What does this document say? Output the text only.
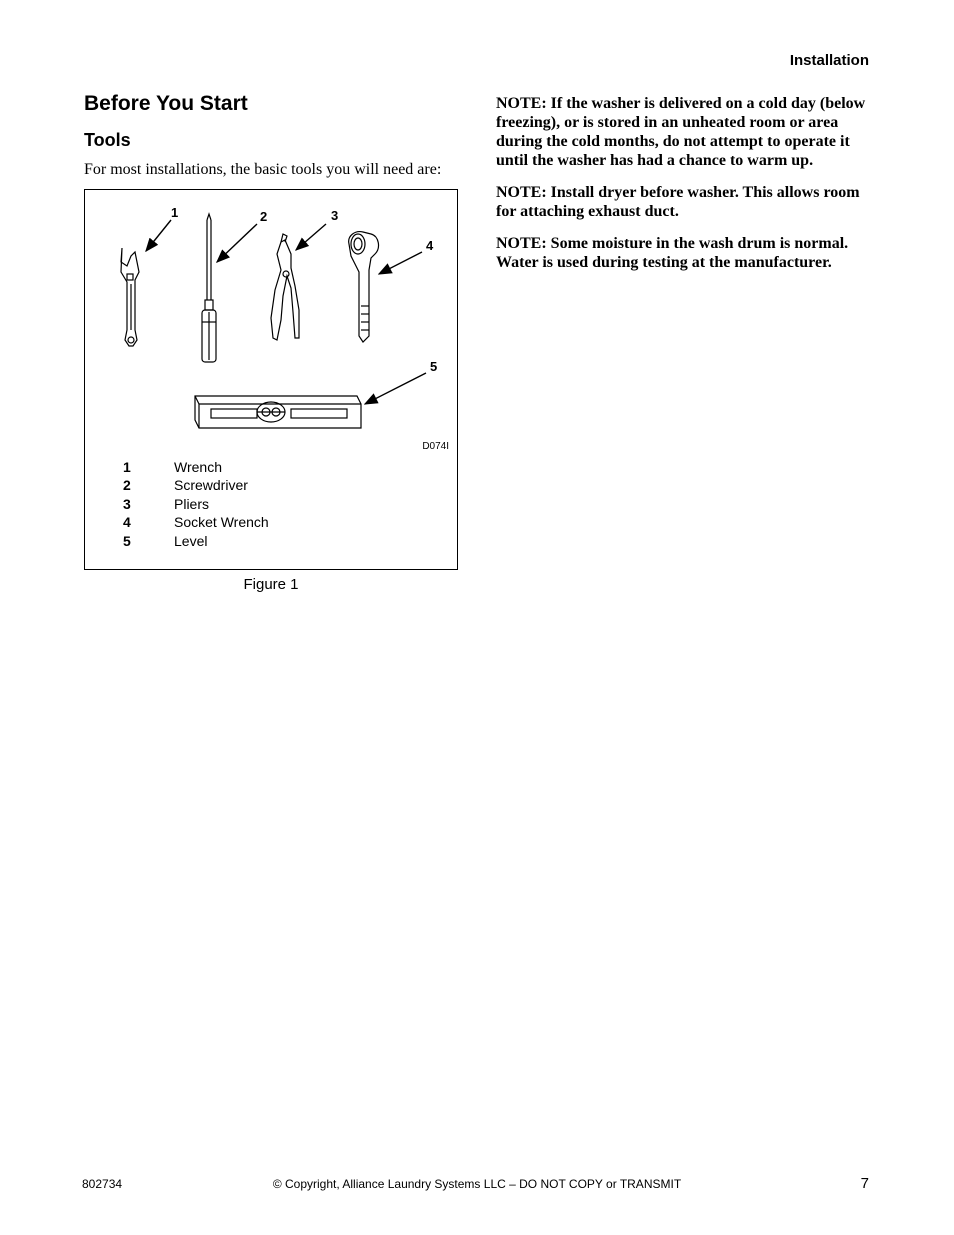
Installation
Before You Start
Tools

For most installations, the basic tools you will need are:

1	2	3
4
5
D074I
1	Wrench
2	Screwdriver
3	Pliers
4	Socket Wrench
5	Level
Figure 1

NOTE: If the washer is delivered on a cold day (below freezing), or is stored in an unheated room or area during the cold months, do not attempt to operate it until the washer has had a chance to warm up.

NOTE: Install dryer before washer. This allows room for attaching exhaust duct.

NOTE: Some moisture in the wash drum is normal. Water is used during testing at the manufacturer.

802734	© Copyright, Alliance Laundry Systems LLC – DO NOT COPY or TRANSMIT	7
